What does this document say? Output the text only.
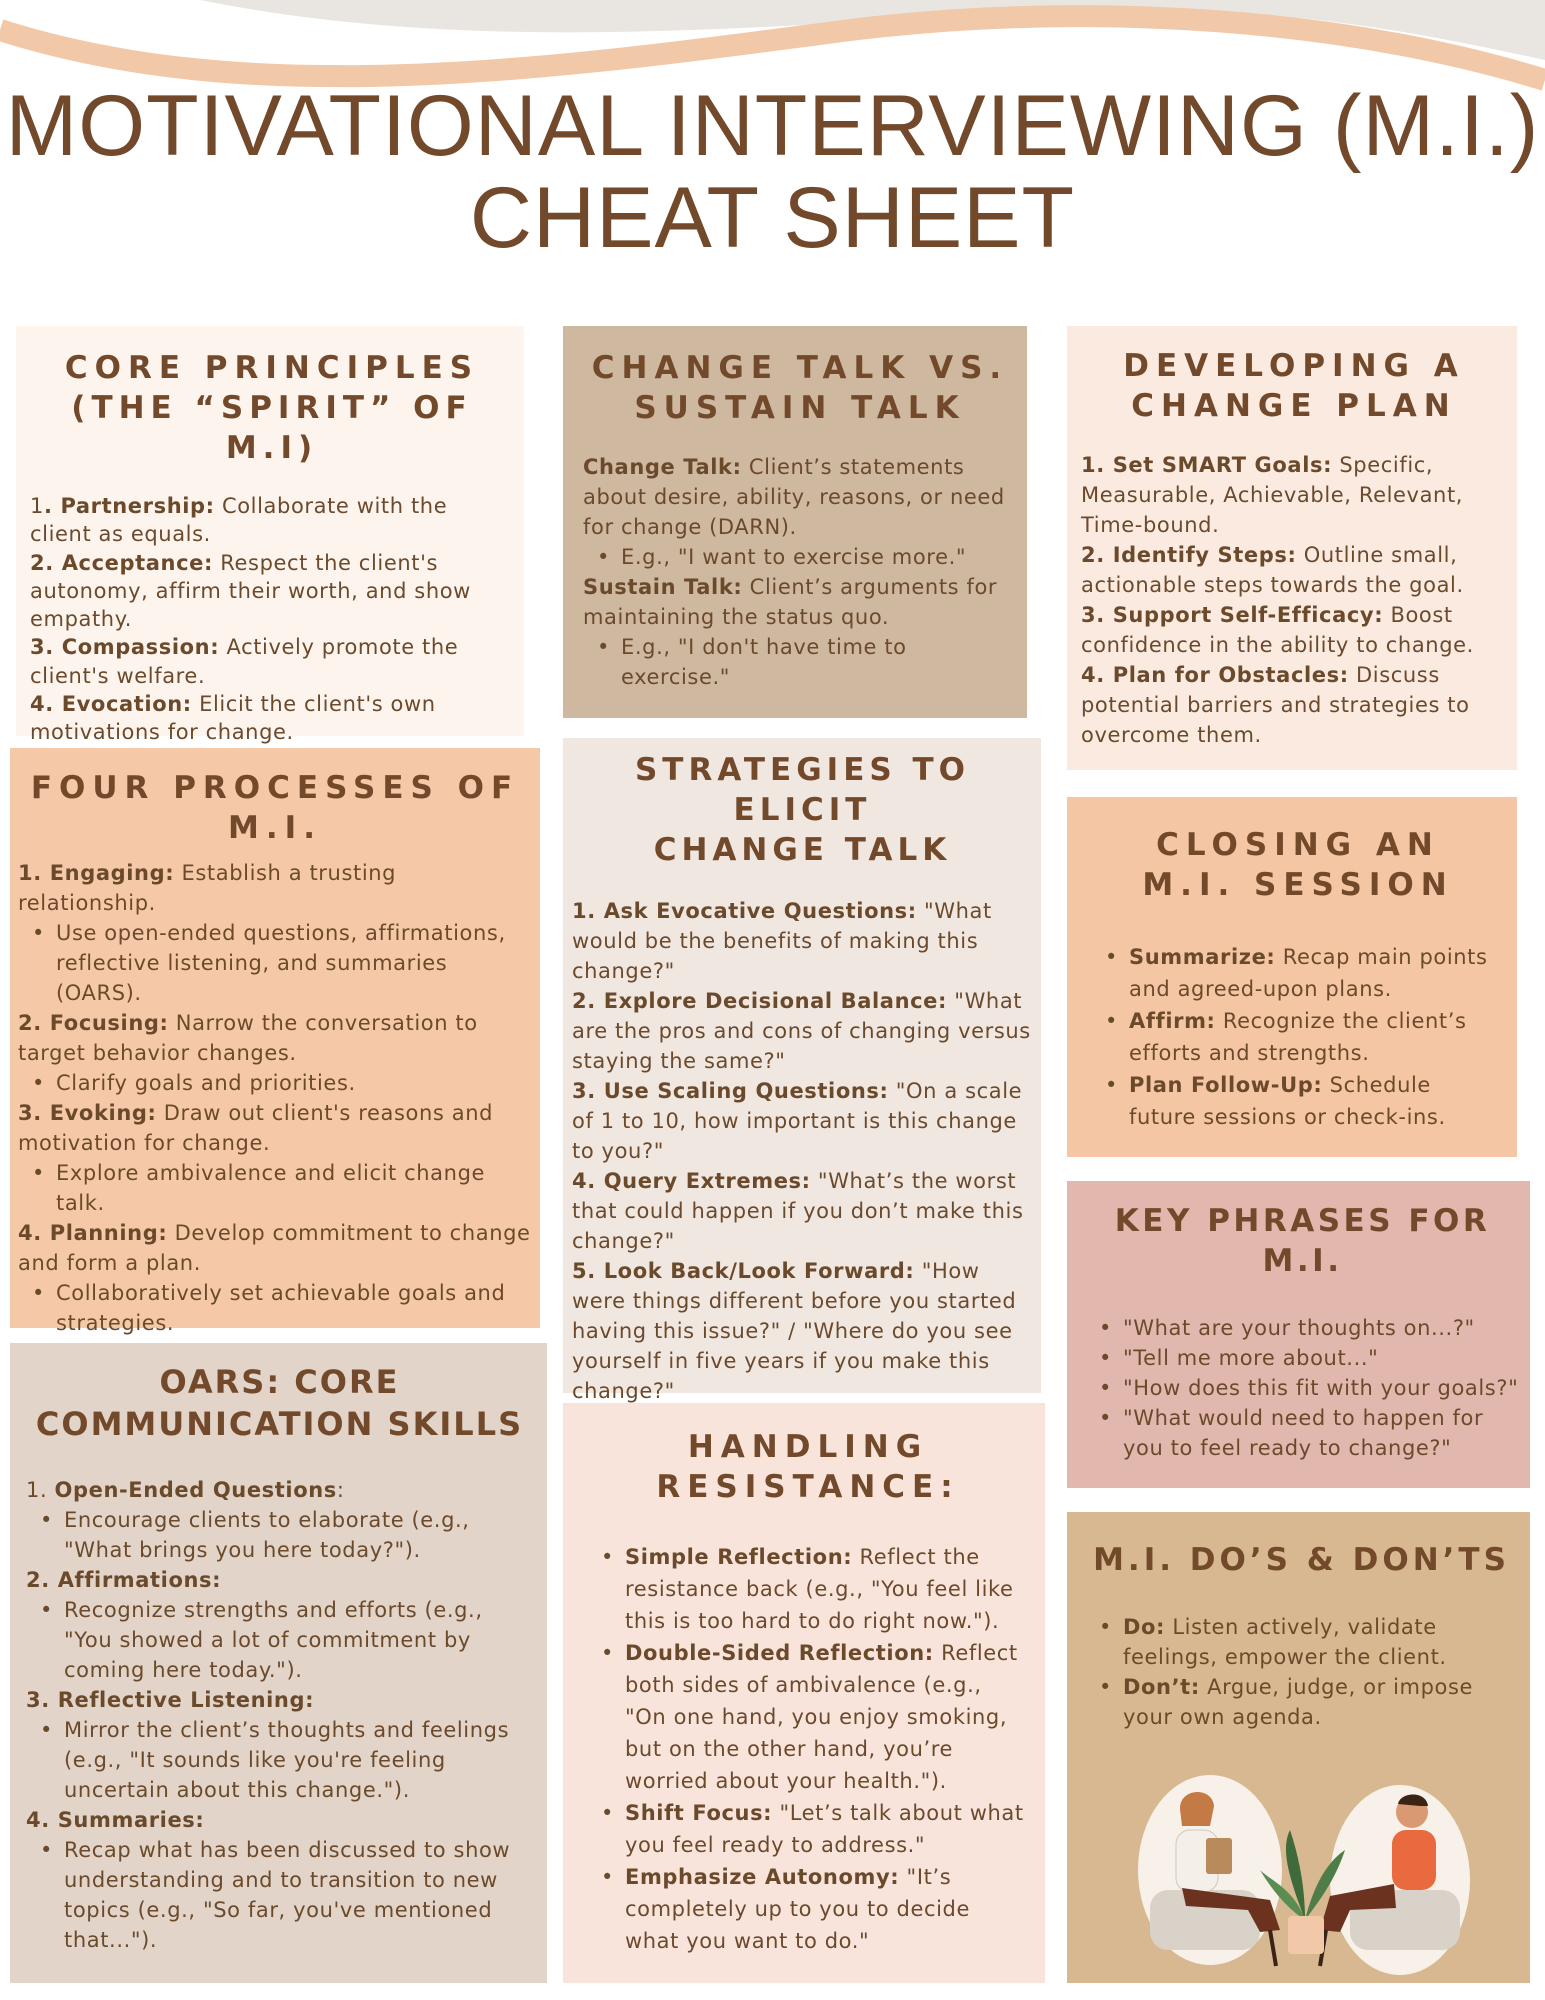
MOTIVATIONAL INTERVIEWING (M.I.)
CHEAT SHEET
CORE PRINCIPLES
(THE “SPIRIT” OF M.I)

1. Partnership: Collaborate with the client as equals.

2. Acceptance: Respect the client's autonomy, affirm their worth, and show empathy.

3. Compassion: Actively promote the client's welfare.

4. Evocation: Elicit the client's own motivations for change.

FOUR PROCESSES OF
M.I.

1. Engaging: Establish a trusting relationship.

• Use open-ended questions, affirmations, reflective listening, and summaries (OARS).

2. Focusing: Narrow the conversation to target behavior changes.

• Clarify goals and priorities.

3. Evoking: Draw out client's reasons and motivation for change.

• Explore ambivalence and elicit change talk.

4. Planning: Develop commitment to change and form a plan.

• Collaboratively set achievable goals and strategies.

OARS: CORE
COMMUNICATION SKILLS

1. Open-Ended Questions:

• Encourage clients to elaborate (e.g., "What brings you here today?").

2. Affirmations:

• Recognize strengths and efforts (e.g., "You showed a lot of commitment by coming here today.").

3. Reflective Listening:

• Mirror the client’s thoughts and feelings (e.g., "It sounds like you're feeling uncertain about this change.").

4. Summaries:

• Recap what has been discussed to show understanding and to transition to new topics (e.g., "So far, you've mentioned that...").

CHANGE TALK VS.
SUSTAIN TALK

Change Talk: Client’s statements about desire, ability, reasons, or need for change (DARN).

• E.g., "I want to exercise more."

Sustain Talk: Client’s arguments for maintaining the status quo.

• E.g., "I don't have time to exercise."

STRATEGIES TO ELICIT
CHANGE TALK

1. Ask Evocative Questions: "What would be the benefits of making this change?"

2. Explore Decisional Balance: "What are the pros and cons of changing versus staying the same?"

3. Use Scaling Questions: "On a scale of 1 to 10, how important is this change to you?"

4. Query Extremes: "What’s the worst that could happen if you don’t make this change?"

5. Look Back/Look Forward: "How were things different before you started having this issue?" / "Where do you see yourself in five years if you make this change?"

HANDLING
RESISTANCE:

• Simple Reflection: Reflect the resistance back (e.g., "You feel like this is too hard to do right now.").

• Double-Sided Reflection: Reflect both sides of ambivalence (e.g., "On one hand, you enjoy smoking, but on the other hand, you’re worried about your health.").

• Shift Focus: "Let’s talk about what you feel ready to address."

• Emphasize Autonomy: "It’s completely up to you to decide what you want to do."

DEVELOPING A
CHANGE PLAN

1. Set SMART Goals: Specific, Measurable, Achievable, Relevant, Time-bound.

2. Identify Steps: Outline small, actionable steps towards the goal.

3. Support Self-Efficacy: Boost confidence in the ability to change.

4. Plan for Obstacles: Discuss potential barriers and strategies to overcome them.

CLOSING AN
M.I. SESSION

• Summarize: Recap main points and agreed-upon plans.

• Affirm: Recognize the client’s efforts and strengths.

• Plan Follow-Up: Schedule future sessions or check-ins.

KEY PHRASES FOR M.I.

• "What are your thoughts on...?"

• "Tell me more about..."

• "How does this fit with your goals?"

• "What would need to happen for you to feel ready to change?"

M.I. DO’S & DON’TS

• Do: Listen actively, validate feelings, empower the client.

• Don’t: Argue, judge, or impose your own agenda.
